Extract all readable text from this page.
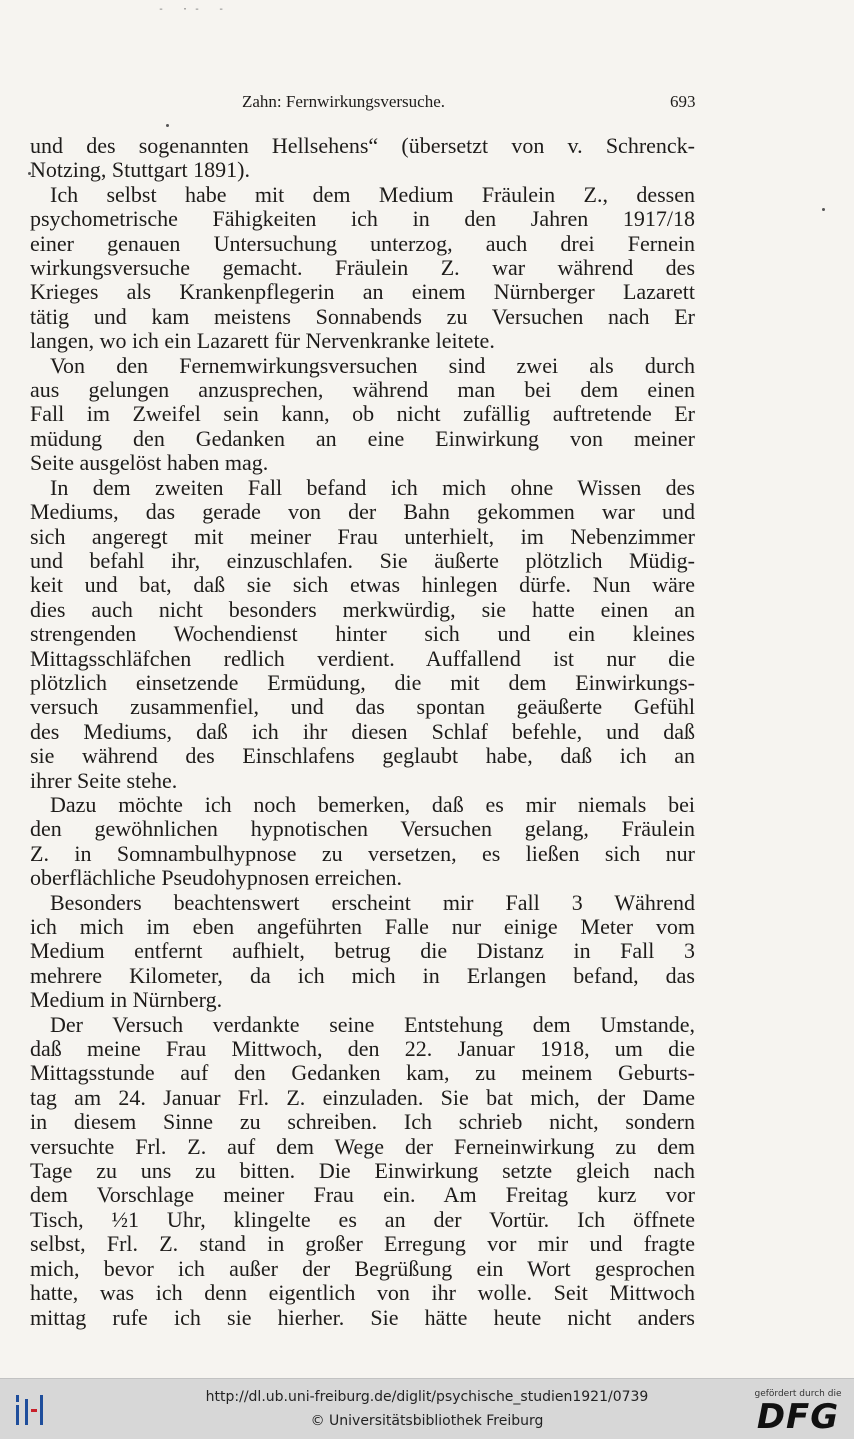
- ·- -
Zahn: Fernwirkungsversuche.	693
und des sogenannten Hellsehens“ (übersetzt von v. Schrenck-
Notzing, Stuttgart 1891).
Ich selbst habe mit dem Medium Fräulein Z., dessen
psychometrische Fähigkeiten ich in den Jahren 1917/18
einer genauen Untersuchung unterzog, auch drei Fernein
wirkungsversuche gemacht. Fräulein Z. war während des
Krieges als Krankenpflegerin an einem Nürnberger Lazarett
tätig und kam meistens Sonnabends zu Versuchen nach Er
langen, wo ich ein Lazarett für Nervenkranke leitete.
Von den Fernemwirkungsversuchen sind zwei als durch
aus gelungen anzusprechen, während man bei dem einen
Fall im Zweifel sein kann, ob nicht zufällig auftretende Er
müdung den Gedanken an eine Einwirkung von meiner
Seite ausgelöst haben mag.
In dem zweiten Fall befand ich mich ohne Wissen des
Mediums, das gerade von der Bahn gekommen war und
sich angeregt mit meiner Frau unterhielt, im Nebenzimmer
und befahl ihr, einzuschlafen. Sie äußerte plötzlich Müdig-
keit und bat, daß sie sich etwas hinlegen dürfe. Nun wäre
dies auch nicht besonders merkwürdig, sie hatte einen an
strengenden Wochendienst hinter sich und ein kleines
Mittagsschläfchen redlich verdient. Auffallend ist nur die
plötzlich einsetzende Ermüdung, die mit dem Einwirkungs-
versuch zusammenfiel, und das spontan geäußerte Gefühl
des Mediums, daß ich ihr diesen Schlaf befehle, und daß
sie während des Einschlafens geglaubt habe, daß ich an
ihrer Seite stehe.
Dazu möchte ich noch bemerken, daß es mir niemals bei
den gewöhnlichen hypnotischen Versuchen gelang, Fräulein
Z. in Somnambulhypnose zu versetzen, es ließen sich nur
oberflächliche Pseudohypnosen erreichen.
Besonders beachtenswert erscheint mir Fall 3 Während
ich mich im eben angeführten Falle nur einige Meter vom
Medium entfernt aufhielt, betrug die Distanz in Fall 3
mehrere Kilometer, da ich mich in Erlangen befand, das
Medium in Nürnberg.
Der Versuch verdankte seine Entstehung dem Umstande,
daß meine Frau Mittwoch, den 22. Januar 1918, um die
Mittagsstunde auf den Gedanken kam, zu meinem Geburts-
tag am 24. Januar Frl. Z. einzuladen. Sie bat mich, der Dame
in diesem Sinne zu schreiben. Ich schrieb nicht, sondern
versuchte Frl. Z. auf dem Wege der Ferneinwirkung zu dem
Tage zu uns zu bitten. Die Einwirkung setzte gleich nach
dem Vorschlage meiner Frau ein. Am Freitag kurz vor
Tisch, ½1 Uhr, klingelte es an der Vortür. Ich öffnete
selbst, Frl. Z. stand in großer Erregung vor mir und fragte
mich, bevor ich außer der Begrüßung ein Wort gesprochen
hatte, was ich denn eigentlich von ihr wolle. Seit Mittwoch
mittag rufe ich sie hierher. Sie hätte heute nicht anders
http://dl.ub.uni-freiburg.de/diglit/psychische_studien1921/0739
© Universitätsbibliothek Freiburg
gefördert durch die
DFG
